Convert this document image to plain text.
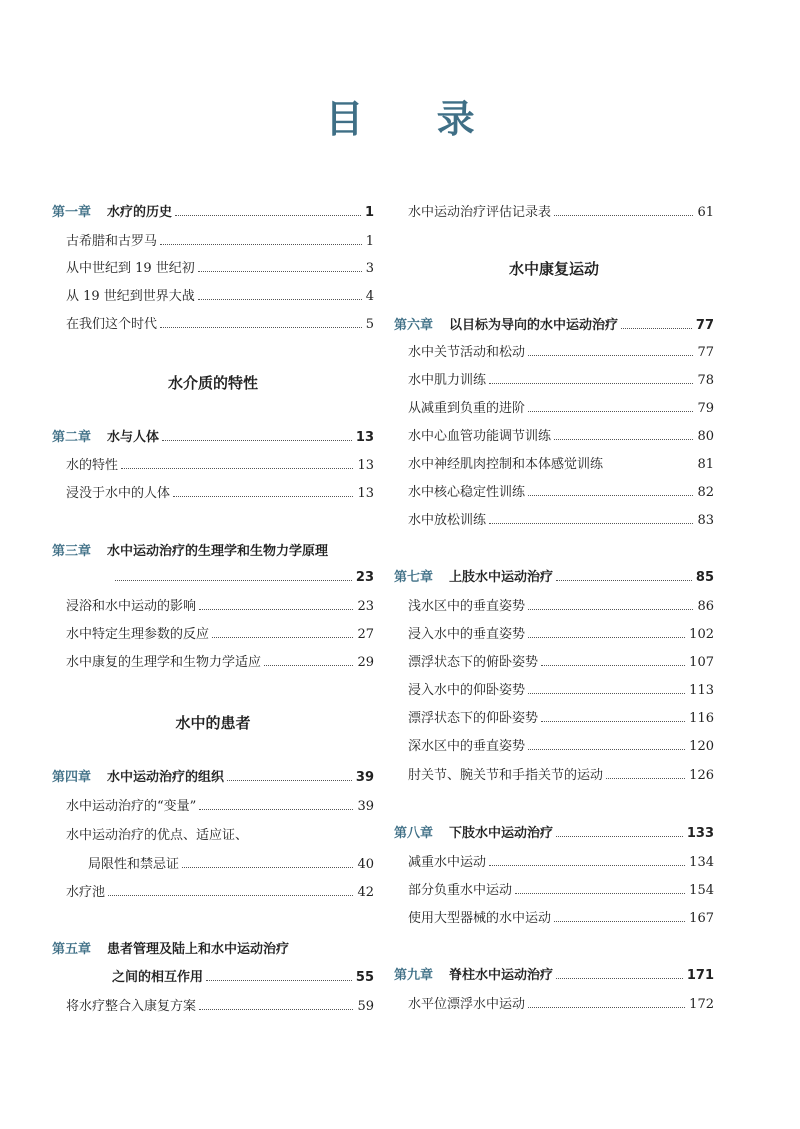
目 录
第一章 水疗的历史	1
古希腊和古罗马	1
从中世纪到 19 世纪初	3
从 19 世纪到世界大战	4
在我们这个时代	5
水介质的特性
第二章 水与人体	13
水的特性	13
浸没于水中的人体	13
第三章 水中运动治疗的生理学和生物力学原理
23
浸浴和水中运动的影响	23
水中特定生理参数的反应	27
水中康复的生理学和生物力学适应	29
水中的患者
第四章 水中运动治疗的组织	39
水中运动治疗的“变量”	39
水中运动治疗的优点、适应证、
局限性和禁忌证	40
水疗池	42
第五章 患者管理及陆上和水中运动治疗
之间的相互作用	55
将水疗整合入康复方案	59
水中运动治疗评估记录表	61
水中康复运动
第六章 以目标为导向的水中运动治疗	77
水中关节活动和松动	77
水中肌力训练	78
从减重到负重的进阶	79
水中心血管功能调节训练	80
水中神经肌肉控制和本体感觉训练	81
水中核心稳定性训练	82
水中放松训练	83
第七章 上肢水中运动治疗	85
浅水区中的垂直姿势	86
浸入水中的垂直姿势	102
漂浮状态下的俯卧姿势	107
浸入水中的仰卧姿势	113
漂浮状态下的仰卧姿势	116
深水区中的垂直姿势	120
肘关节、腕关节和手指关节的运动	126
第八章 下肢水中运动治疗	133
减重水中运动	134
部分负重水中运动	154
使用大型器械的水中运动	167
第九章 脊柱水中运动治疗	171
水平位漂浮水中运动	172
